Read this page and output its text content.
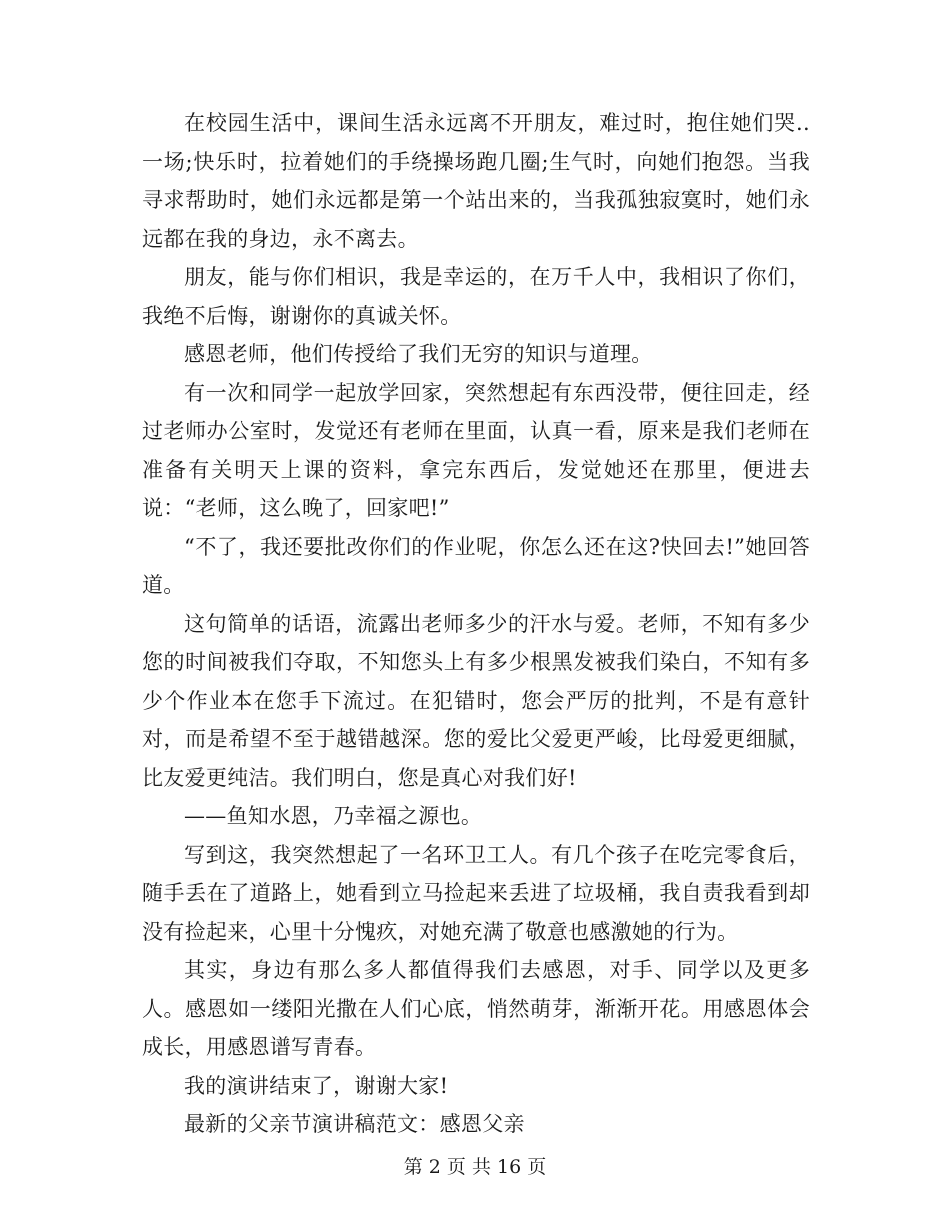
在校园生活中，课间生活永远离不开朋友，难过时，抱住她们哭..一场;快乐时，拉着她们的手绕操场跑几圈;生气时，向她们抱怨。当我寻求帮助时，她们永远都是第一个站出来的，当我孤独寂寞时，她们永远都在我的身边，永不离去。

朋友，能与你们相识，我是幸运的，在万千人中，我相识了你们，我绝不后悔，谢谢你的真诚关怀。

感恩老师，他们传授给了我们无穷的知识与道理。

有一次和同学一起放学回家，突然想起有东西没带，便往回走，经过老师办公室时，发觉还有老师在里面，认真一看，原来是我们老师在准备有关明天上课的资料，拿完东西后，发觉她还在那里，便进去说：“老师，这么晚了，回家吧!”

“不了，我还要批改你们的作业呢，你怎么还在这?快回去!”她回答道。

这句简单的话语，流露出老师多少的汗水与爱。老师，不知有多少您的时间被我们夺取，不知您头上有多少根黑发被我们染白，不知有多少个作业本在您手下流过。在犯错时，您会严厉的批判，不是有意针对，而是希望不至于越错越深。您的爱比父爱更严峻，比母爱更细腻，比友爱更纯洁。我们明白，您是真心对我们好!

——鱼知水恩，乃幸福之源也。

写到这，我突然想起了一名环卫工人。有几个孩子在吃完零食后，随手丢在了道路上，她看到立马捡起来丢进了垃圾桶，我自责我看到却没有捡起来，心里十分愧疚，对她充满了敬意也感激她的行为。

其实，身边有那么多人都值得我们去感恩，对手、同学以及更多人。感恩如一缕阳光撒在人们心底，悄然萌芽，渐渐开花。用感恩体会成长，用感恩谱写青春。

我的演讲结束了，谢谢大家!

最新的父亲节演讲稿范文：感恩父亲

第 2 页 共 16 页
